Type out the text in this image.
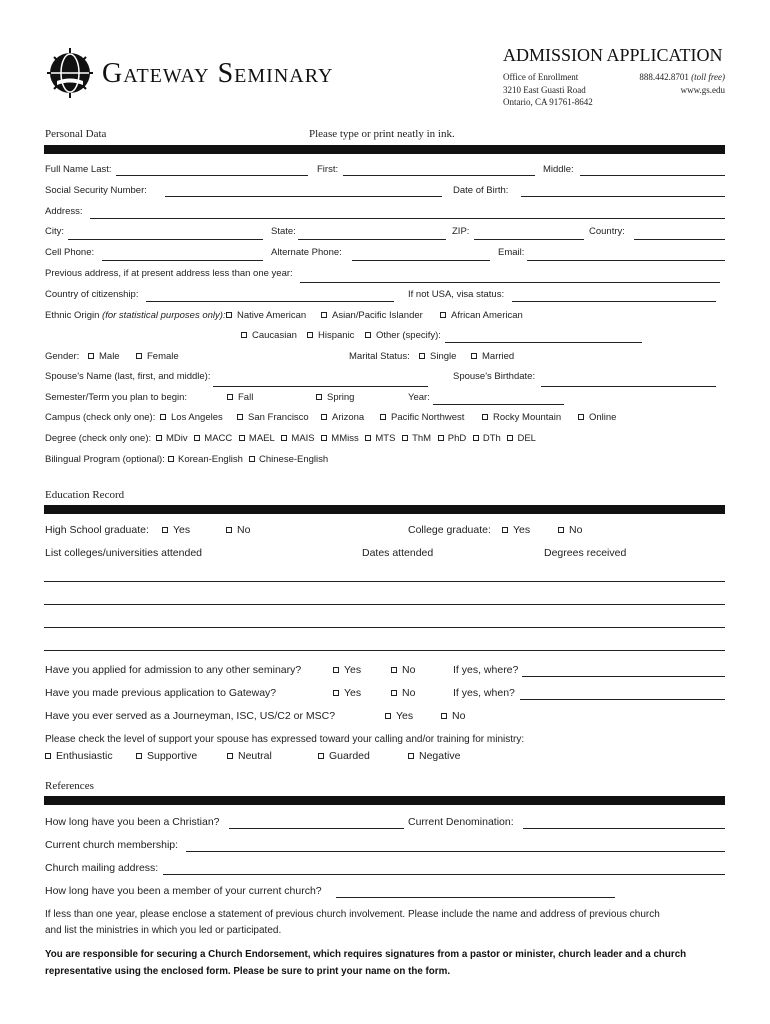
Gateway Seminary
ADMISSION APPLICATION
Office of Enrollment	888.442.8701 (toll free)
3210 East Guasti Road	www.gs.edu
Ontario, CA 91761-8642
Personal Data	Please type or print neatly in ink.
Full Name Last:	First:	Middle:
Social Security Number:	Date of Birth:
Address:
City:	State:	ZIP:	Country:
Cell Phone:	Alternate Phone:	Email:
Previous address, if at present address less than one year:
Country of citizenship:	If not USA, visa status:
Ethnic Origin (for statistical purposes only):	Native American	Asian/Pacific Islander	African American
Caucasian	Hispanic	Other (specify):
Gender:	Male	Female	Marital Status:	Single	Married
Spouse's Name (last, first, and middle):	Spouse's Birthdate:
Semester/Term you plan to begin:	Fall	Spring	Year:
Campus (check only one):	Los Angeles	San Francisco	Arizona	Pacific Northwest	Rocky Mountain	Online
Degree (check only one):	MDiv MACC MAEL MAIS MMiss MTS ThM PhD DTh DEL
Bilingual Program (optional):	Korean-English	Chinese-English
Education Record
High School graduate:	Yes	No	College graduate:	Yes	No
List colleges/universities attended	Dates attended	Degrees received
Have you applied for admission to any other seminary?	Yes	No	If yes, where?
Have you made previous application to Gateway?	Yes	No	If yes, when?
Have you ever served as a Journeyman, ISC, US/C2 or MSC?	Yes	No
Please check the level of support your spouse has expressed toward your calling and/or training for ministry:
Enthusiastic	Supportive	Neutral	Guarded	Negative
References
How long have you been a Christian?	Current Denomination:
Current church membership:
Church mailing address:
How long have you been a member of your current church?
If less than one year, please enclose a statement of previous church involvement. Please include the name and address of previous church
and list the ministries in which you led or participated.
You are responsible for securing a Church Endorsement, which requires signatures from a pastor or minister, church leader and a church
representative using the enclosed form. Please be sure to print your name on the form.
